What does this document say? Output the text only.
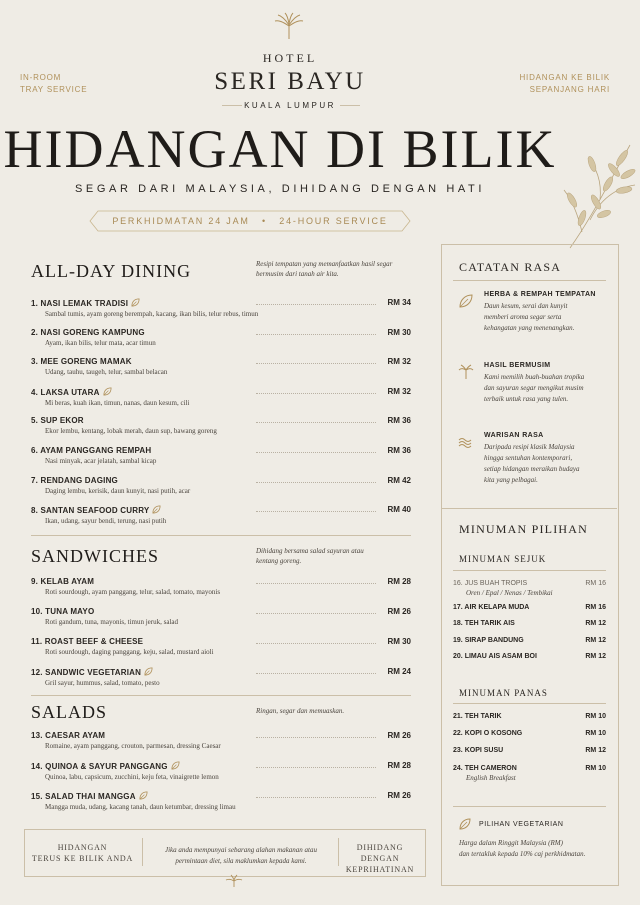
IN-ROOM
TRAY SERVICE
HIDANGAN KE BILIK
SEPANJANG HARI
HOTEL
SERI BAYU
KUALA LUMPUR
HIDANGAN DI BILIK
SEGAR DARI MALAYSIA, DIHIDANG DENGAN HATI
PERKHIDMATAN 24 JAM • 24-HOUR SERVICE
ALL-DAY DINING	Resipi tempatan yang memanfaatkan hasil segar bermusim dari tanah air kita.
1. NASI LEMAK TRADISI	RM 34
Sambal tumis, ayam goreng berempah, kacang, ikan bilis, telur rebus, timun
2. NASI GORENG KAMPUNG	RM 30
Ayam, ikan bilis, telur mata, acar timun
3. MEE GORENG MAMAK	RM 32
Udang, tauhu, taugeh, telur, sambal belacan
4. LAKSA UTARA	RM 32
Mi beras, kuah ikan, timun, nanas, daun kesum, cili
5. SUP EKOR	RM 36
Ekor lembu, kentang, lobak merah, daun sup, bawang goreng
6. AYAM PANGGANG REMPAH	RM 36
Nasi minyak, acar jelatah, sambal kicap
7. RENDANG DAGING	RM 42
Daging lembu, kerisik, daun kunyit, nasi putih, acar
8. SANTAN SEAFOOD CURRY	RM 40
Ikan, udang, sayur bendi, terung, nasi putih
SANDWICHES	Dihidang bersama salad sayuran atau kentang goreng.
9. KELAB AYAM	RM 28
Roti sourdough, ayam panggang, telur, salad, tomato, mayonis
10. TUNA MAYO	RM 26
Roti gandum, tuna, mayonis, timun jeruk, salad
11. ROAST BEEF & CHEESE	RM 30
Roti sourdough, daging panggang, keju, salad, mustard aioli
12. SANDWIC VEGETARIAN	RM 24
Gril sayur, hummus, salad, tomato, pesto
SALADS	Ringan, segar dan memuaskan.
13. CAESAR AYAM	RM 26
Romaine, ayam panggang, crouton, parmesan, dressing Caesar
14. QUINOA & SAYUR PANGGANG	RM 28
Quinoa, labu, capsicum, zucchini, keju feta, vinaigrette lemon
15. SALAD THAI MANGGA	RM 26
Mangga muda, udang, kacang tanah, daun ketumbar, dressing limau
CATATAN RASA
HERBA & REMPAH TEMPATAN
Daun kesum, serai dan kunyit
memberi aroma segar serta
kehangatan yang menenangkan.
HASIL BERMUSIM
Kami memilih buah-buahan tropika
dan sayuran segar mengikut musim
terbaik untuk rasa yang tulen.
WARISAN RASA
Daripada resipi klasik Malaysia
hingga sentuhan kontemporari,
setiap hidangan meraikan budaya
kita yang pelbagai.
MINUMAN PILIHAN
MINUMAN SEJUK
16. JUS BUAH TROPIS	RM 16
Oren / Epal / Nenas / Tembikai
17. AIR KELAPA MUDA	RM 16
18. TEH TARIK AIS	RM 12
19. SIRAP BANDUNG	RM 12
20. LIMAU AIS ASAM BOI	RM 12
MINUMAN PANAS
21. TEH TARIK	RM 10
22. KOPI O KOSONG	RM 10
23. KOPI SUSU	RM 12
24. TEH CAMERON	RM 10
English Breakfast
PILIHAN VEGETARIAN
Harga dalam Ringgit Malaysia (RM)
dan tertakluk kepada 10% caj perkhidmatan.
HIDANGAN
TERUS KE BILIK ANDA
Jika anda mempunyai sebarang alahan makanan atau
permintaan diet, sila maklumkan kepada kami.
DIHIDANG DENGAN
KEPRIHATINAN
